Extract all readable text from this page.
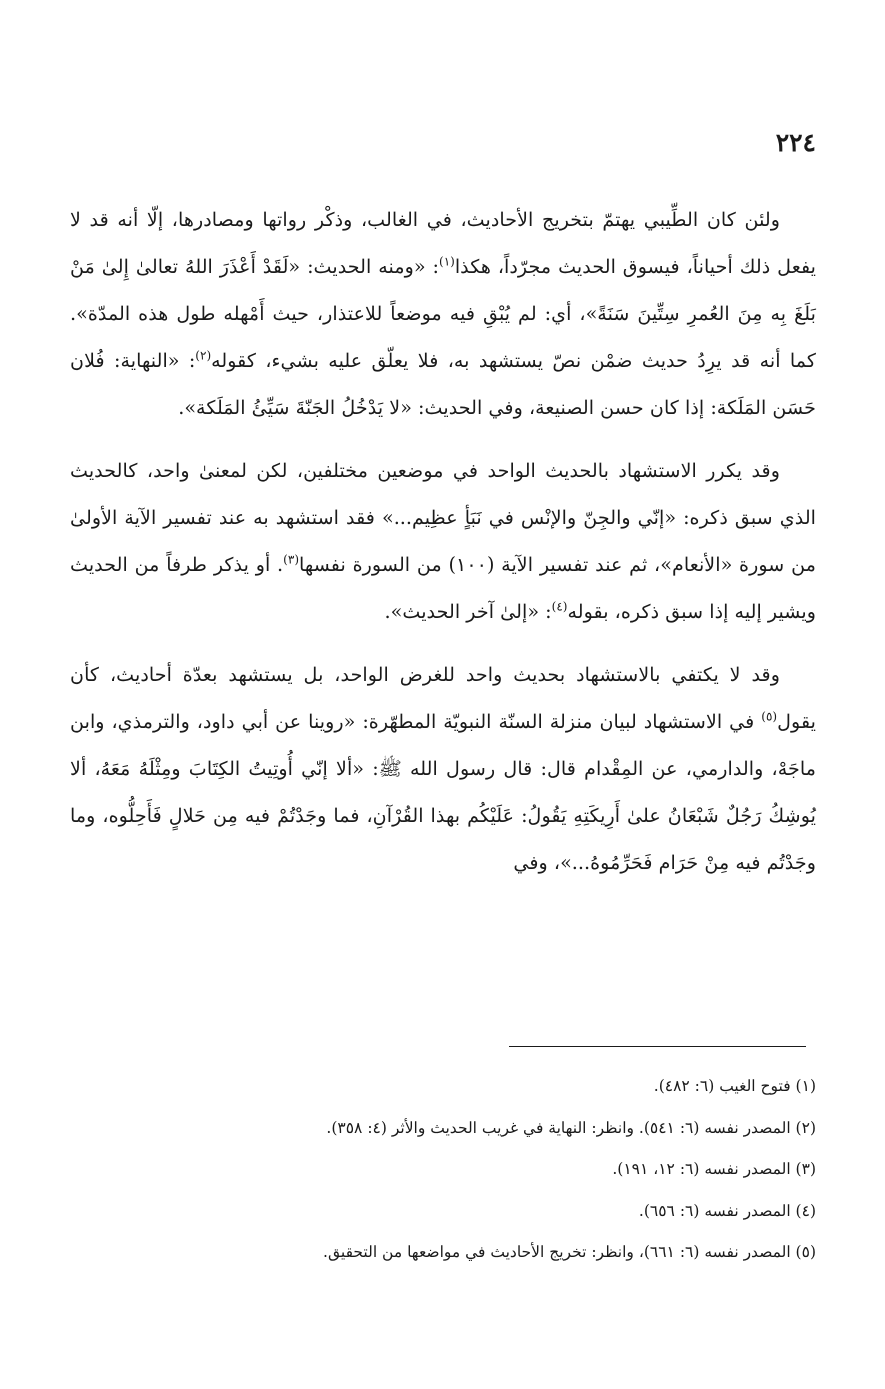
٢٢٤

ولئن كان الطِّيبي يهتمّ بتخريج الأحاديث، في الغالب، وذكْر رواتها ومصادرها، إلّا أنه قد لا يفعل ذلك أحياناً، فيسوق الحديث مجرّداً، هكذا$^{(١)}$: «ومنه الحديث: «لَقَدْ أَعْذَرَ اللهُ تعالىٰ إِلىٰ مَنْ بَلَغَ بِه مِنَ العُمرِ سِتِّينَ سَنَةً»، أي: لم يُبْقِ فيه موضعاً للاعتذار، حيث أَمْهله طول هذه المدّة». كما أنه قد يرِدُ حديث ضمْن نصّ يستشهد به، فلا يعلّق عليه بشيء، كقوله$^{(٢)}$: «النهاية: فُلان حَسَن المَلَكة: إذا كان حسن الصنيعة، وفي الحديث: «لا يَدْخُلُ الجَنّةَ سَيِّئُ المَلَكة».

وقد يكرر الاستشهاد بالحديث الواحد في موضعين مختلفين، لكن لمعنىٰ واحد، كالحديث الذي سبق ذكره: «إنّي والجِنّ والإنْس في نَبَأٍ عظِيم...» فقد استشهد به عند تفسير الآية الأولىٰ من سورة «الأنعام»، ثم عند تفسير الآية (١٠٠) من السورة نفسها$^{(٣)}$. أو يذكر طرفاً من الحديث ويشير إليه إذا سبق ذكره، بقوله$^{(٤)}$: «إلىٰ آخر الحديث».

وقد لا يكتفي بالاستشهاد بحديث واحد للغرض الواحد، بل يستشهد بعدّة أحاديث، كأن يقول$^{(٥)}$ في الاستشهاد لبيان منزلة السنّة النبويّة المطهّرة: «روينا عن أبي داود، والترمذي، وابن ماجَهْ، والدارمي، عن المِقْدام قال: قال رسول الله ﷺ: «ألا إنّي أُوتِيتُ الكِتَابَ ومِثْلَهُ مَعَهُ، ألا يُوشِكُ رَجُلٌ شَبْعَانُ علىٰ أَرِيكَتِهِ يَقُولُ: عَلَيْكُم بهذا القُرْآنِ، فما وجَدْتُمْ فيه مِن حَلالٍ فَأَحِلُّوه، وما وجَدْتُم فيه مِنْ حَرَام فَحَرِّمُوهُ...»، وفي

(١) فتوح الغيب (٦: ٤٨٢).
(٢) المصدر نفسه (٦: ٥٤١). وانظر: النهاية في غريب الحديث والأثر (٤: ٣٥٨).
(٣) المصدر نفسه (٦: ١٢، ١٩١).
(٤) المصدر نفسه (٦: ٦٥٦).
(٥) المصدر نفسه (٦: ٦٦١)، وانظر: تخريج الأحاديث في مواضعها من التحقيق.
